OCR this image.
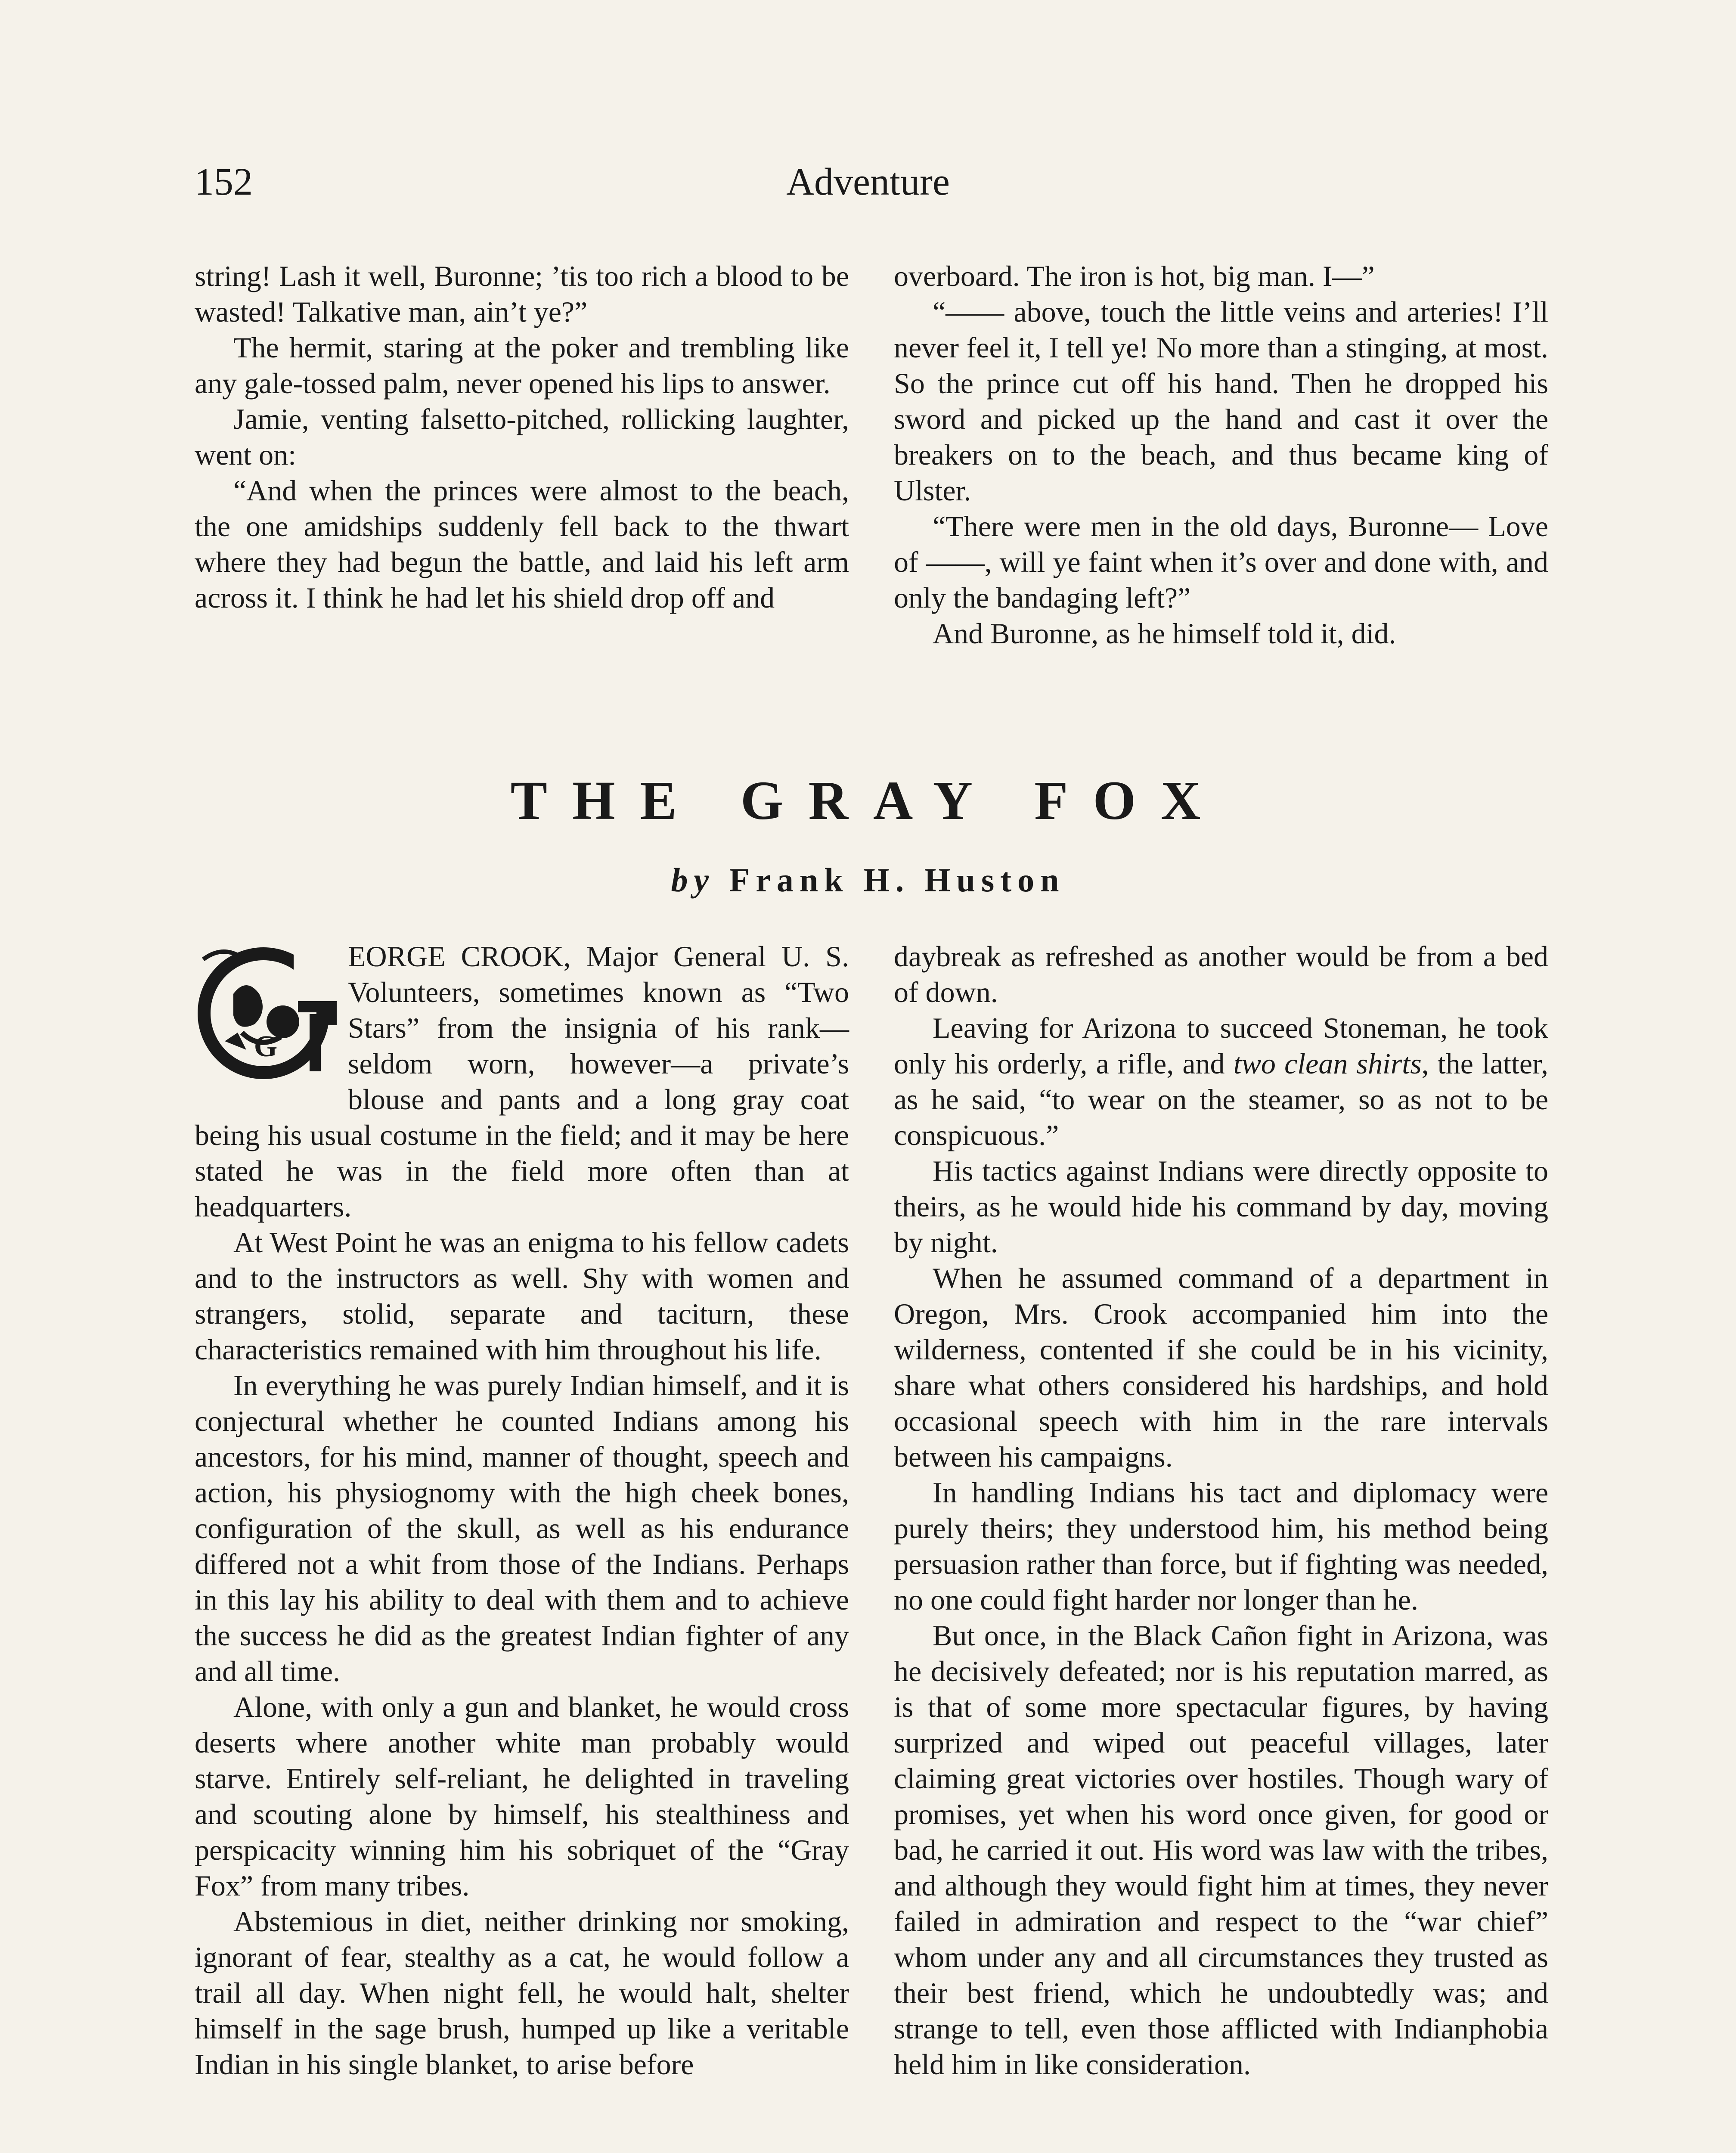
152	Adventure

string! Lash it well, Buronne; ’tis too rich a blood to be wasted! Talkative man, ain’t ye?”

The hermit, staring at the poker and trembling like any gale-tossed palm, never opened his lips to answer.

Jamie, venting falsetto-pitched, rollicking laughter, went on:

“And when the princes were almost to the beach, the one amidships suddenly fell back to the thwart where they had begun the battle, and laid his left arm across it. I think he had let his shield drop off and

overboard. The iron is hot, big man. I—”

“—— above, touch the little veins and arteries! I’ll never feel it, I tell ye! No more than a stinging, at most. So the prince cut off his hand. Then he dropped his sword and picked up the hand and cast it over the breakers on to the beach, and thus became king of Ulster.

“There were men in the old days, Buronne— Love of ——, will ye faint when it’s over and done with, and only the bandaging left?”

And Buronne, as he himself told it, did.

THE GRAY FOX
by Frank H. Huston
G

EORGE CROOK, Major General U. S. Volunteers, sometimes known as “Two Stars” from the insignia of his rank—seldom worn, however—a private’s blouse and pants and a long gray coat being his usual costume in the field; and it may be here stated he was in the field more often than at headquarters.

At West Point he was an enigma to his fellow cadets and to the instructors as well. Shy with women and strangers, stolid, separate and taciturn, these characteristics remained with him throughout his life.

In everything he was purely Indian himself, and it is conjectural whether he counted Indians among his ancestors, for his mind, manner of thought, speech and action, his physiognomy with the high cheek bones, configuration of the skull, as well as his endurance differed not a whit from those of the Indians. Perhaps in this lay his ability to deal with them and to achieve the success he did as the greatest Indian fighter of any and all time.

Alone, with only a gun and blanket, he would cross deserts where another white man probably would starve. Entirely self-reliant, he delighted in traveling and scouting alone by himself, his stealthiness and perspicacity winning him his sobriquet of the “Gray Fox” from many tribes.

Abstemious in diet, neither drinking nor smoking, ignorant of fear, stealthy as a cat, he would follow a trail all day. When night fell, he would halt, shelter himself in the sage brush, humped up like a veritable Indian in his single blanket, to arise before

daybreak as refreshed as another would be from a bed of down.

Leaving for Arizona to succeed Stoneman, he took only his orderly, a rifle, and two clean shirts, the latter, as he said, “to wear on the steamer, so as not to be conspicuous.”

His tactics against Indians were directly opposite to theirs, as he would hide his command by day, moving by night.

When he assumed command of a department in Oregon, Mrs. Crook accompanied him into the wilderness, contented if she could be in his vicinity, share what others considered his hardships, and hold occasional speech with him in the rare intervals between his campaigns.

In handling Indians his tact and diplomacy were purely theirs; they understood him, his method being persuasion rather than force, but if fighting was needed, no one could fight harder nor longer than he.

But once, in the Black Cañon fight in Arizona, was he decisively defeated; nor is his reputation marred, as is that of some more spectacular figures, by having surprized and wiped out peaceful villages, later claiming great victories over hostiles. Though wary of promises, yet when his word once given, for good or bad, he carried it out. His word was law with the tribes, and although they would fight him at times, they never failed in admiration and respect to the “war chief” whom under any and all circumstances they trusted as their best friend, which he undoubtedly was; and strange to tell, even those afflicted with Indianphobia held him in like consideration.
